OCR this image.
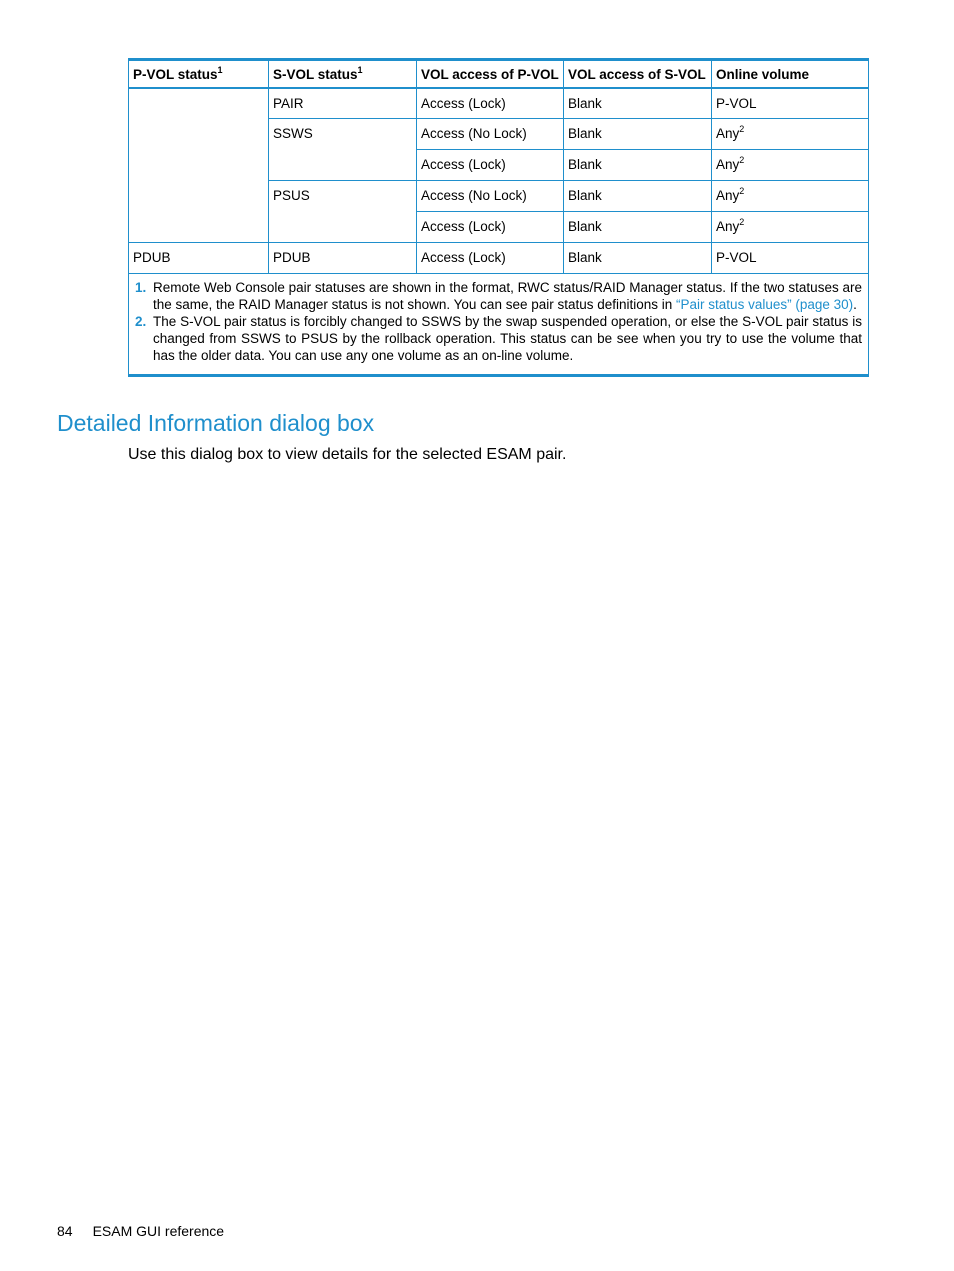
P-VOL status$^1$	S-VOL status$^1$	VOL access of P-VOL	VOL access of S-VOL	Online volume
	PAIR	Access (Lock)	Blank	P-VOL
	SSWS	Access (No Lock)	Blank	Any$^2$
		Access (Lock)	Blank	Any$^2$
	PSUS	Access (No Lock)	Blank	Any$^2$
		Access (Lock)	Blank	Any$^2$
PDUB	PDUB	Access (Lock)	Blank	P-VOL

1. Remote Web Console pair statuses are shown in the format, RWC status/RAID Manager status. If the two statuses are the same, the RAID Manager status is not shown. You can see pair status definitions in “Pair status values” (page 30).
2. The S-VOL pair status is forcibly changed to SSWS by the swap suspended operation, or else the S-VOL pair status is changed from SSWS to PSUS by the rollback operation. This status can be see when you try to use the volume that has the older data. You can use any one volume as an on-line volume.				
Detailed Information dialog box

Use this dialog box to view details for the selected ESAM pair.

84 ESAM GUI reference
